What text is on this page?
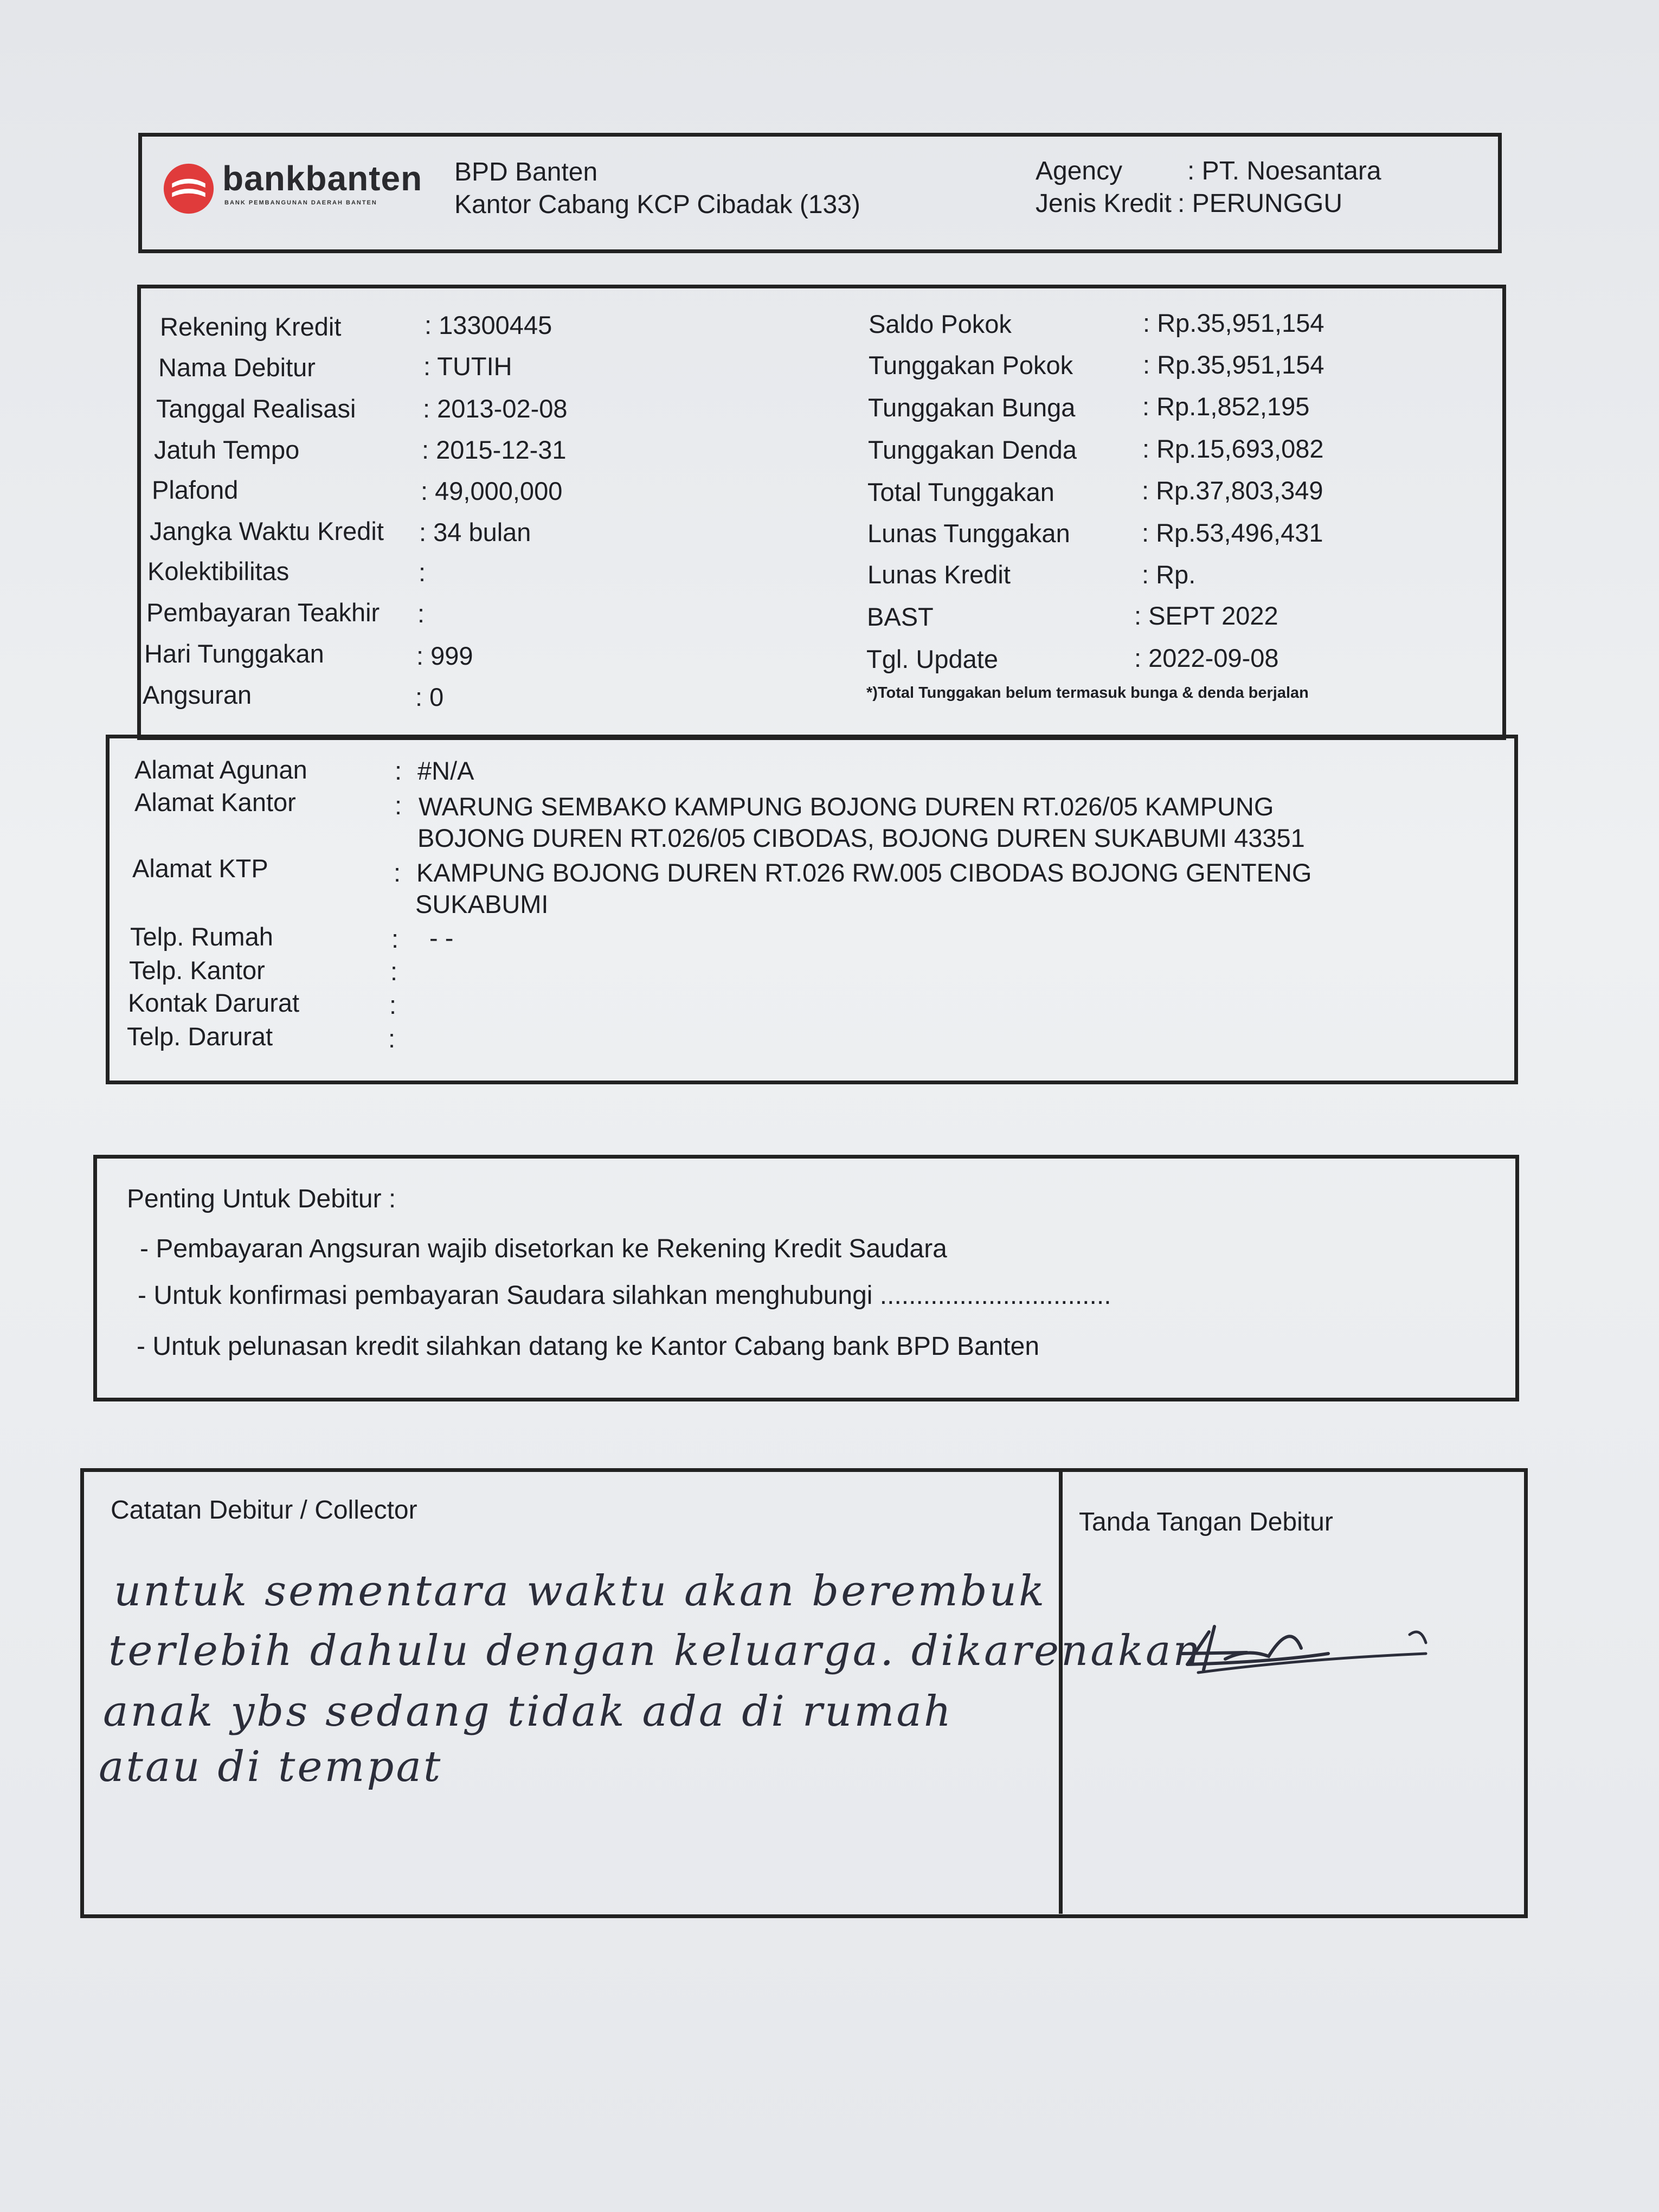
bankbanten
BANK PEMBANGUNAN DAERAH BANTEN
BPD Banten
Kantor Cabang KCP Cibadak (133)
Agency : PT. Noesantara
Jenis Kredit : PERUNGGU
Rekening Kredit	: 13300445
Nama Debitur	: TUTIH
Tanggal Realisasi	: 2013-02-08
Jatuh Tempo	: 2015-12-31
Plafond	: 49,000,000
Jangka Waktu Kredit : 34 bulan
Kolektibilitas	:
Pembayaran Teakhir :
Hari Tunggakan	: 999
Angsuran	: 0
Saldo Pokok	: Rp.35,951,154
Tunggakan Pokok	: Rp.35,951,154
Tunggakan Bunga	: Rp.1,852,195
Tunggakan Denda	: Rp.15,693,082
Total Tunggakan	: Rp.37,803,349
Lunas Tunggakan	: Rp.53,496,431
Lunas Kredit	: Rp.
BAST	: SEPT 2022
Tgl. Update	: 2022-09-08
*)Total Tunggakan belum termasuk bunga & denda berjalan
Alamat Agunan	: #N/A
Alamat Kantor	: WARUNG SEMBAKO KAMPUNG BOJONG DUREN RT.026/05 KAMPUNG
BOJONG DUREN RT.026/05 CIBODAS, BOJONG DUREN SUKABUMI 43351
Alamat KTP	: KAMPUNG BOJONG DUREN RT.026 RW.005 CIBODAS BOJONG GENTENG
SUKABUMI
Telp. Rumah	: - -
Telp. Kantor	:
Kontak Darurat	:
Telp. Darurat	:
Penting Untuk Debitur :
- Pembayaran Angsuran wajib disetorkan ke Rekening Kredit Saudara
- Untuk konfirmasi pembayaran Saudara silahkan menghubungi ................................
- Untuk pelunasan kredit silahkan datang ke Kantor Cabang bank BPD Banten
Catatan Debitur / Collector	Tanda Tangan Debitur
untuk sementara waktu akan berembuk
terlebih dahulu dengan keluarga. dikarenakan
anak ybs sedang tidak ada di rumah
atau di tempat
